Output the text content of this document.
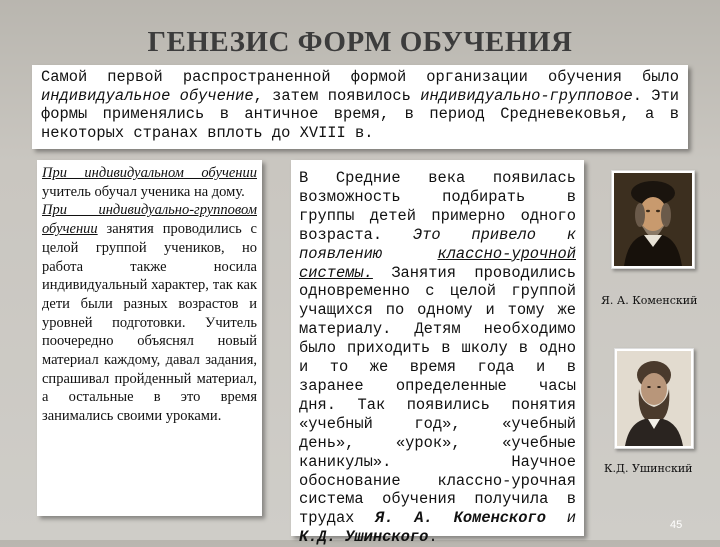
ГЕНЕЗИС ФОРМ ОБУЧЕНИЯ
Самой первой распространенной формой организации обучения было индивидуальное обучение, затем появилось индивидуально-групповое. Эти формы применялись в античное время, в период Средневековья, а в некоторых странах вплоть до XVIII в.
При индивидуальном обучении учитель обучал ученика на дому.
При индивидуально-групповом обучении занятия проводились с целой группой учеников, но работа также носила индивидуальный характер, так как дети были разных возрастов и уровней подготовки. Учитель поочередно объяснял новый материал каждому, давал задания, спрашивал пройденный материал, а остальные в это время занимались своими уроками.
В Средние века появилась возможность подбирать в группы детей примерно одного возраста. Это привело к появлению классно-урочной системы. Занятия проводились одновременно с целой группой учащихся по одному и тому же материалу. Детям необходимо было приходить в школу в одно и то же время года и в заранее определенные часы дня. Так появились понятия «учебный год», «учебный день», «урок», «учебные каникулы». Научное обоснование классно-урочная система обучения получила в трудах Я. А. Коменского и К.Д. Ушинского.
Я. А. Коменский
К.Д. Ушинский
45
